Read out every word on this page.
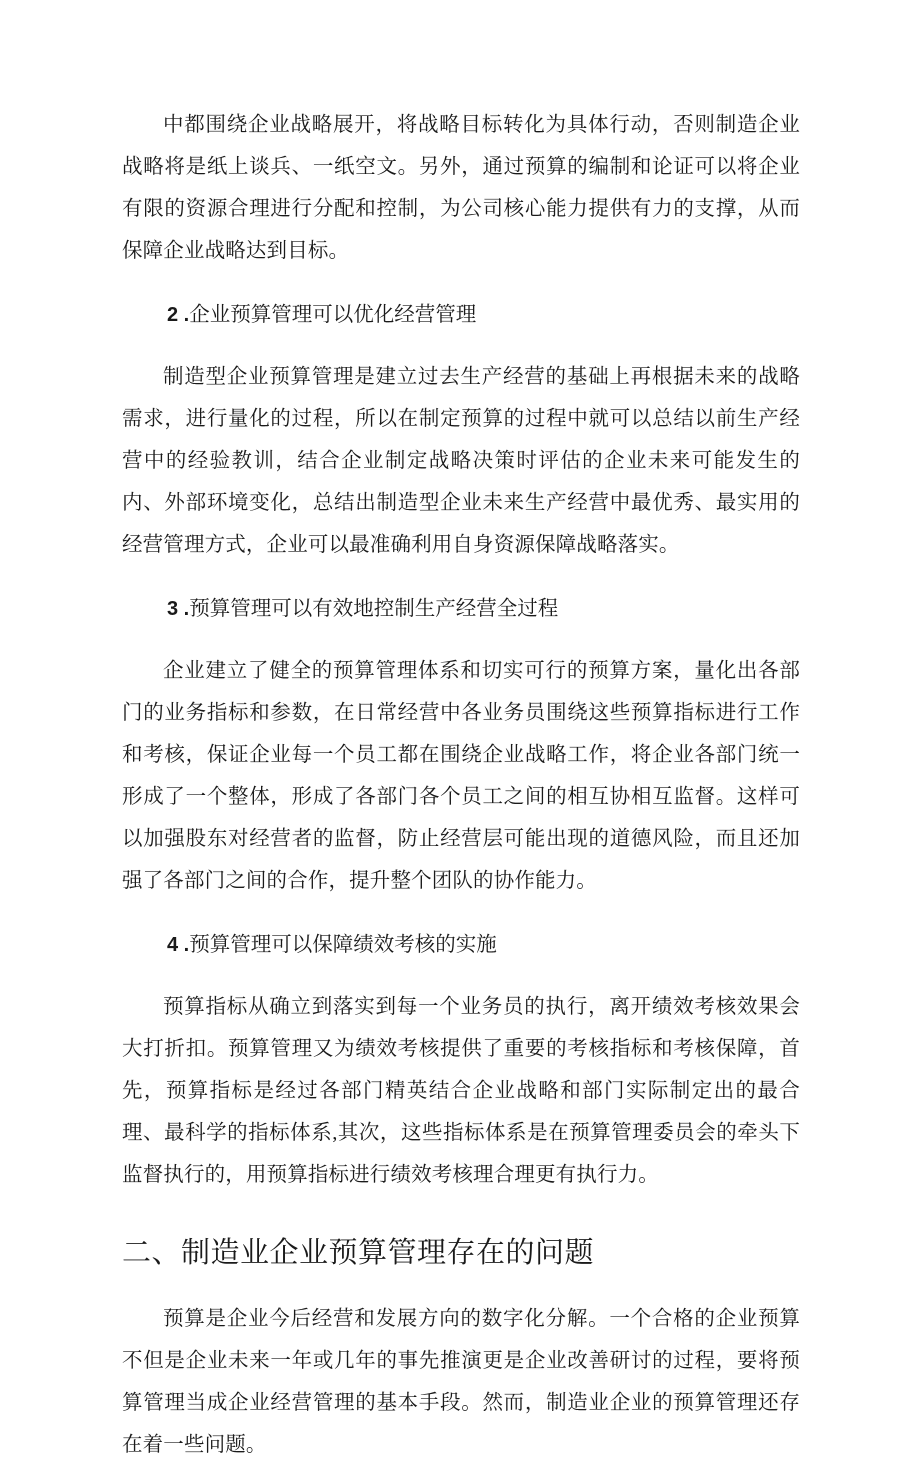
中都围绕企业战略展开，将战略目标转化为具体行动，否则制造企业战略将是纸上谈兵、一纸空文。另外，通过预算的编制和论证可以将企业有限的资源合理进行分配和控制，为公司核心能力提供有力的支撑，从而保障企业战略达到目标。

2 .企业预算管理可以优化经营管理

制造型企业预算管理是建立过去生产经营的基础上再根据未来的战略需求，进行量化的过程，所以在制定预算的过程中就可以总结以前生产经营中的经验教训，结合企业制定战略决策时评估的企业未来可能发生的内、外部环境变化，总结出制造型企业未来生产经营中最优秀、最实用的经营管理方式，企业可以最准确利用自身资源保障战略落实。

3 .预算管理可以有效地控制生产经营全过程

企业建立了健全的预算管理体系和切实可行的预算方案，量化出各部门的业务指标和参数，在日常经营中各业务员围绕这些预算指标进行工作和考核，保证企业每一个员工都在围绕企业战略工作，将企业各部门统一形成了一个整体，形成了各部门各个员工之间的相互协相互监督。这样可以加强股东对经营者的监督，防止经营层可能出现的道德风险，而且还加强了各部门之间的合作，提升整个团队的协作能力。

4 .预算管理可以保障绩效考核的实施

预算指标从确立到落实到每一个业务员的执行，离开绩效考核效果会大打折扣。预算管理又为绩效考核提供了重要的考核指标和考核保障，首先，预算指标是经过各部门精英结合企业战略和部门实际制定出的最合理、最科学的指标体系,其次，这些指标体系是在预算管理委员会的牵头下监督执行的，用预算指标进行绩效考核理合理更有执行力。

二、制造业企业预算管理存在的问题

预算是企业今后经营和发展方向的数字化分解。一个合格的企业预算不但是企业未来一年或几年的事先推演更是企业改善研讨的过程，要将预算管理当成企业经营管理的基本手段。然而，制造业企业的预算管理还存在着一些问题。
